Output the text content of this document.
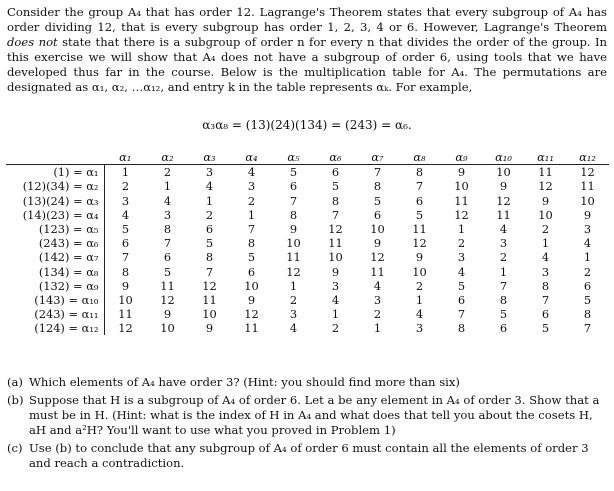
Consider the group A₄ that has order 12. Lagrange's Theorem states that every subgroup of A₄ has order dividing 12, that is every subgroup has order 1, 2, 3, 4 or 6. However, Lagrange's Theorem does not state that there is a subgroup of order n for every n that divides the order of the group. In this exercise we will show that A₄ does not have a subgroup of order 6, using tools that we have developed thus far in the course. Below is the multiplication table for A₄. The permutations are designated as α₁, α₂, …α₁₂, and entry k in the table represents αₖ. For example,
α₃α₈ = (13)(24)(134) = (243) = α₆.
	α₁	α₂	α₃	α₄	α₅	α₆	α₇	α₈	α₉	α₁₀	α₁₁	α₁₂
(1) = α₁	1	2	3	4	5	6	7	8	9	10	11	12
(12)(34) = α₂	2	1	4	3	6	5	8	7	10	9	12	11
(13)(24) = α₃	3	4	1	2	7	8	5	6	11	12	9	10
(14)(23) = α₄	4	3	2	1	8	7	6	5	12	11	10	9
(123) = α₅	5	8	6	7	9	12	10	11	1	4	2	3
(243) = α₆	6	7	5	8	10	11	9	12	2	3	1	4
(142) = α₇	7	6	8	5	11	10	12	9	3	2	4	1
(134) = α₈	8	5	7	6	12	9	11	10	4	1	3	2
(132) = α₉	9	11	12	10	1	3	4	2	5	7	8	6
(143) = α₁₀	10	12	11	9	2	4	3	1	6	8	7	5
(243) = α₁₁	11	9	10	12	3	1	2	4	7	5	6	8
(124) = α₁₂	12	10	9	11	4	2	1	3	8	6	5	7
(a) Which elements of A₄ have order 3? (Hint: you should find more than six)
(b) Suppose that H is a subgroup of A₄ of order 6. Let a be any element in A₄ of order 3. Show that a must be in H. (Hint: what is the index of H in A₄ and what does that tell you about the cosets H, aH and a²H? You'll want to use what you proved in Problem 1)
(c) Use (b) to conclude that any subgroup of A₄ of order 6 must contain all the elements of order 3 and reach a contradiction.
